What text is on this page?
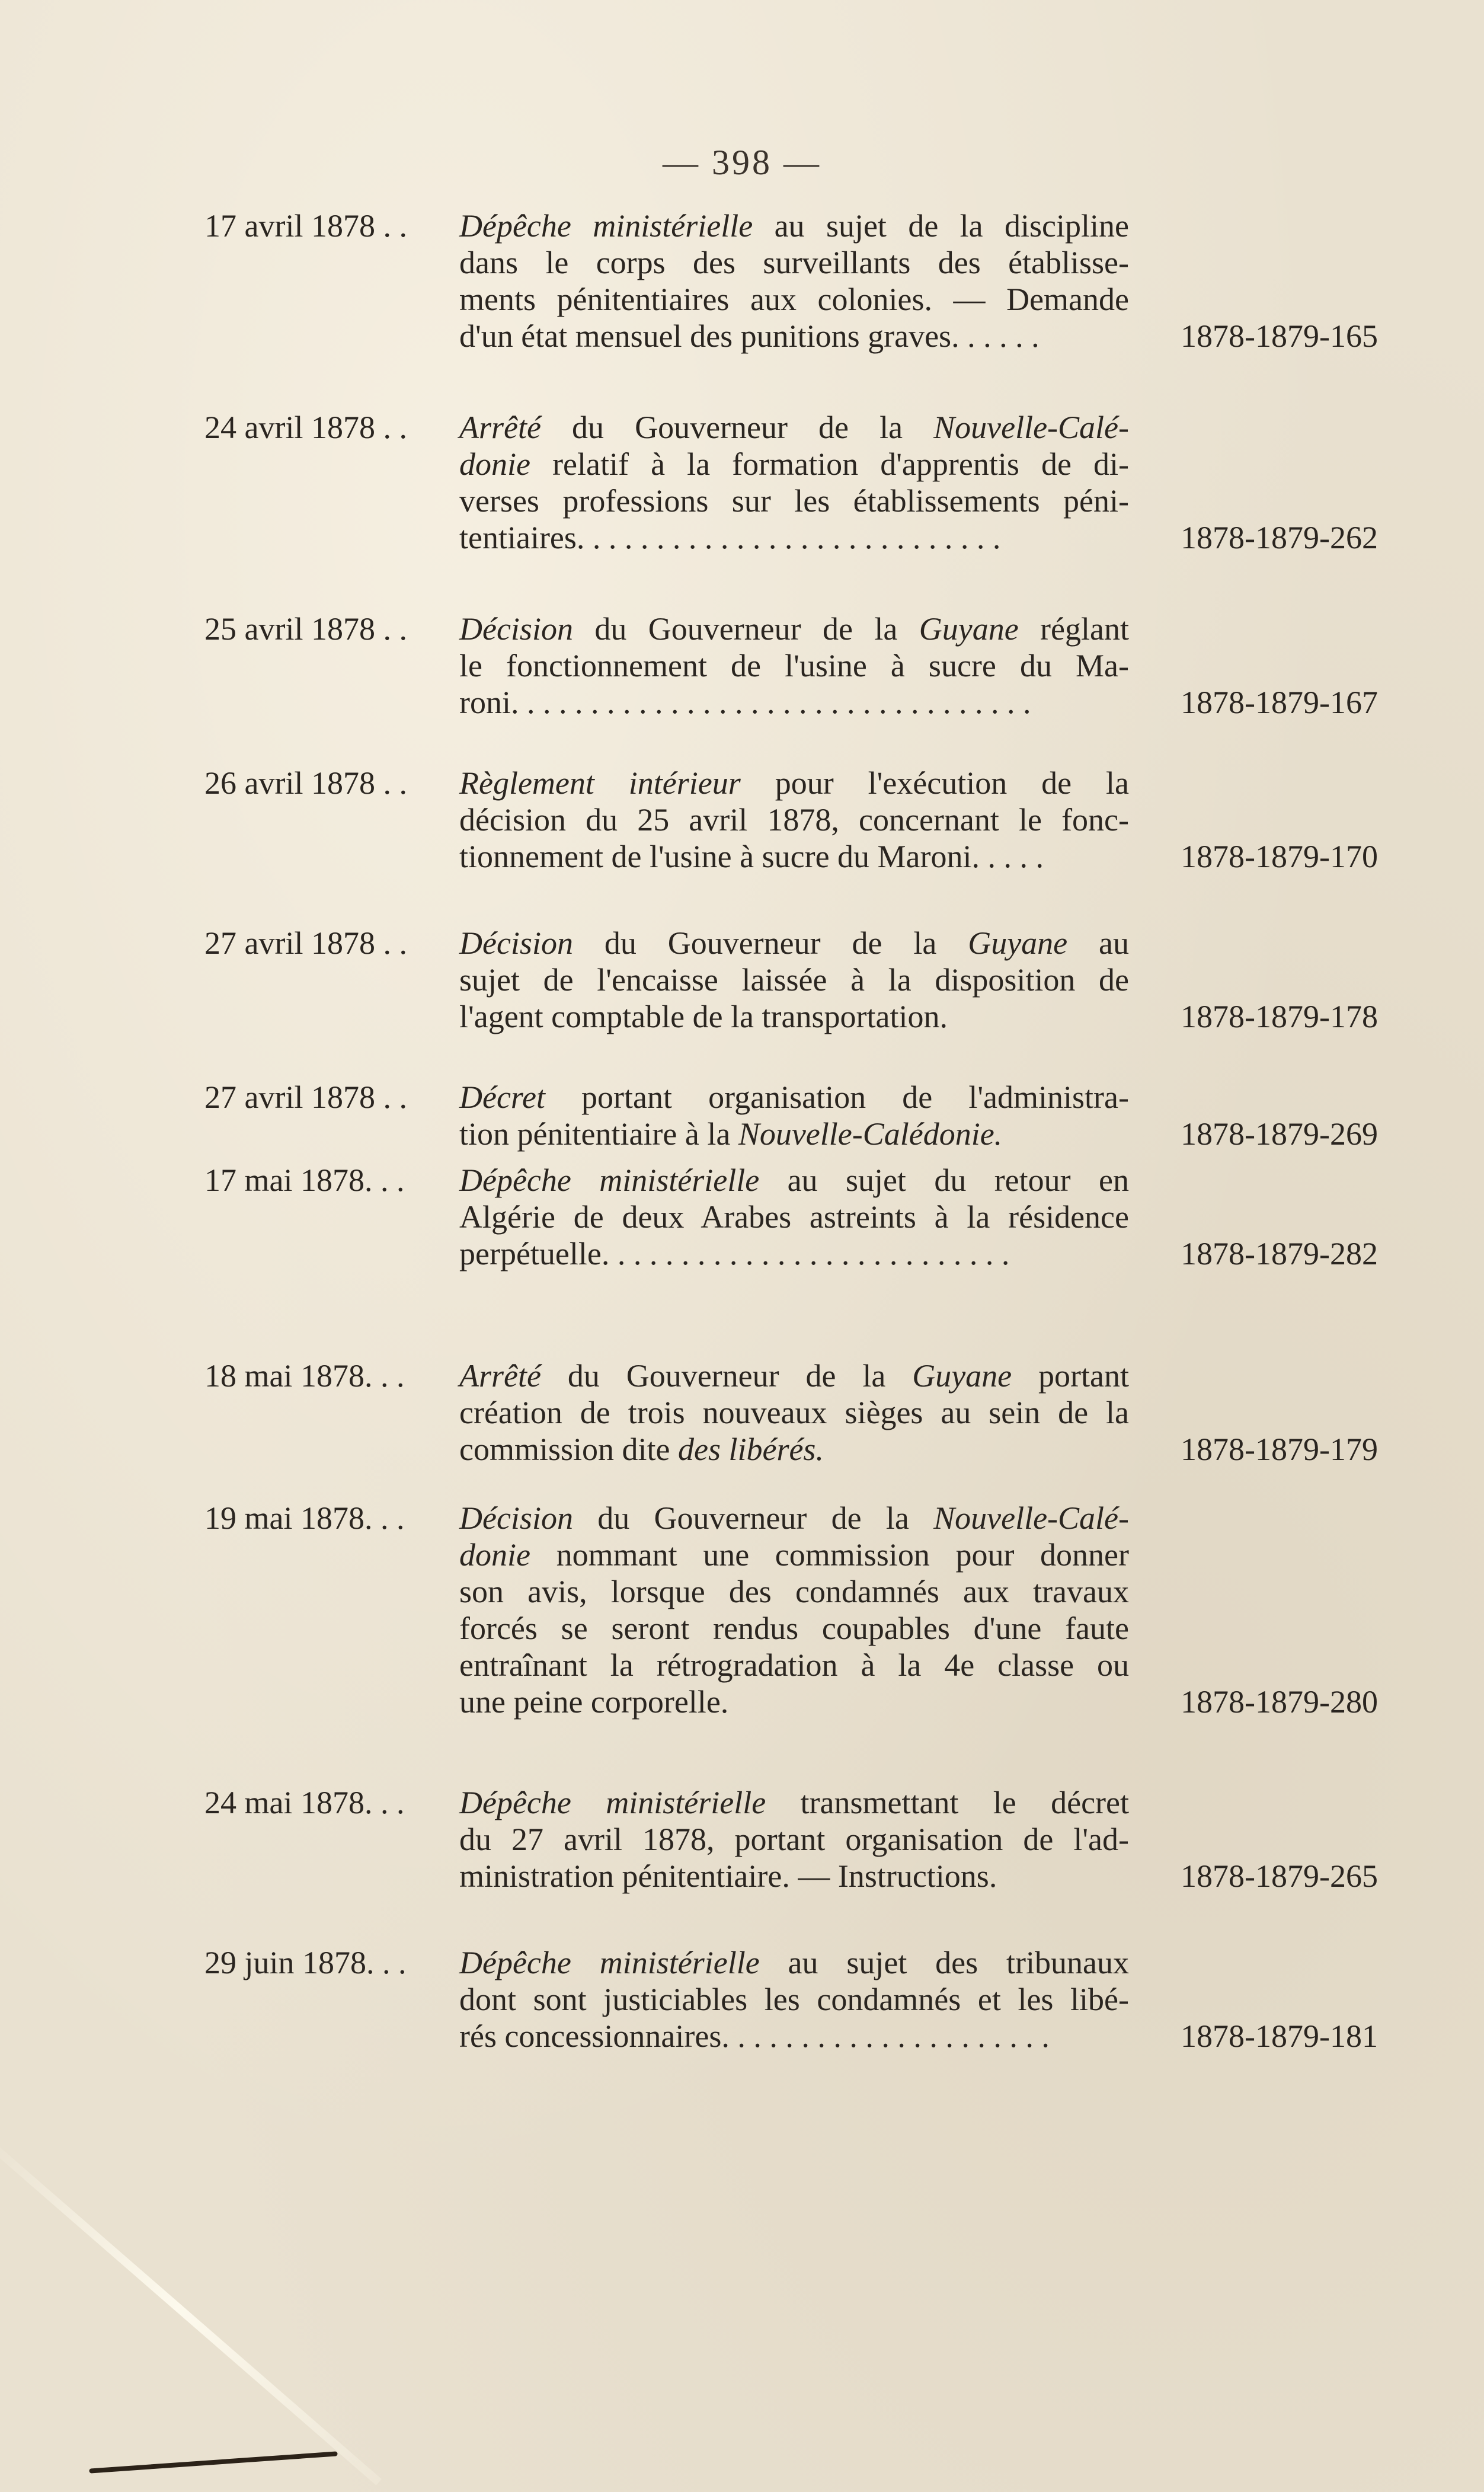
— 398 —
17 avril 1878 . .	Dépêche ministérielle au sujet de la discipline
dans le corps des surveillants des établisse-
ments pénitentiaires aux colonies. — Demande
d'un état mensuel des punitions graves. . . . . .	1878-1879-165
24 avril 1878 . .	Arrêté du Gouverneur de la Nouvelle-Calé-
donie relatif à la formation d'apprentis de di-
verses professions sur les établissements péni-
tentiaires. . . . . . . . . . . . . . . . . . . . . . . . . . .	1878-1879-262
25 avril 1878 . .	Décision du Gouverneur de la Guyane réglant
le fonctionnement de l'usine à sucre du Ma-
roni. . . . . . . . . . . . . . . . . . . . . . . . . . . . . . . . .	1878-1879-167
26 avril 1878 . .	Règlement intérieur pour l'exécution de la
décision du 25 avril 1878, concernant le fonc-
tionnement de l'usine à sucre du Maroni. . . . .	1878-1879-170
27 avril 1878 . .	Décision du Gouverneur de la Guyane au
sujet de l'encaisse laissée à la disposition de
l'agent comptable de la transportation.	1878-1879-178
27 avril 1878 . .	Décret portant organisation de l'administra-
tion pénitentiaire à la Nouvelle-Calédonie.	1878-1879-269
17 mai 1878. . .	Dépêche ministérielle au sujet du retour en
Algérie de deux Arabes astreints à la résidence
perpétuelle. . . . . . . . . . . . . . . . . . . . . . . . . .	1878-1879-282
18 mai 1878. . .	Arrêté du Gouverneur de la Guyane portant
création de trois nouveaux sièges au sein de la
commission dite des libérés.	1878-1879-179
19 mai 1878. . .	Décision du Gouverneur de la Nouvelle-Calé-
donie nommant une commission pour donner
son avis, lorsque des condamnés aux travaux
forcés se seront rendus coupables d'une faute
entraînant la rétrogradation à la 4e classe ou
une peine corporelle.	1878-1879-280
24 mai 1878. . .	Dépêche ministérielle transmettant le décret
du 27 avril 1878, portant organisation de l'ad-
ministration pénitentiaire. — Instructions.	1878-1879-265
29 juin 1878. . .	Dépêche ministérielle au sujet des tribunaux
dont sont justiciables les condamnés et les libé-
rés concessionnaires. . . . . . . . . . . . . . . . . . . . .	1878-1879-181
